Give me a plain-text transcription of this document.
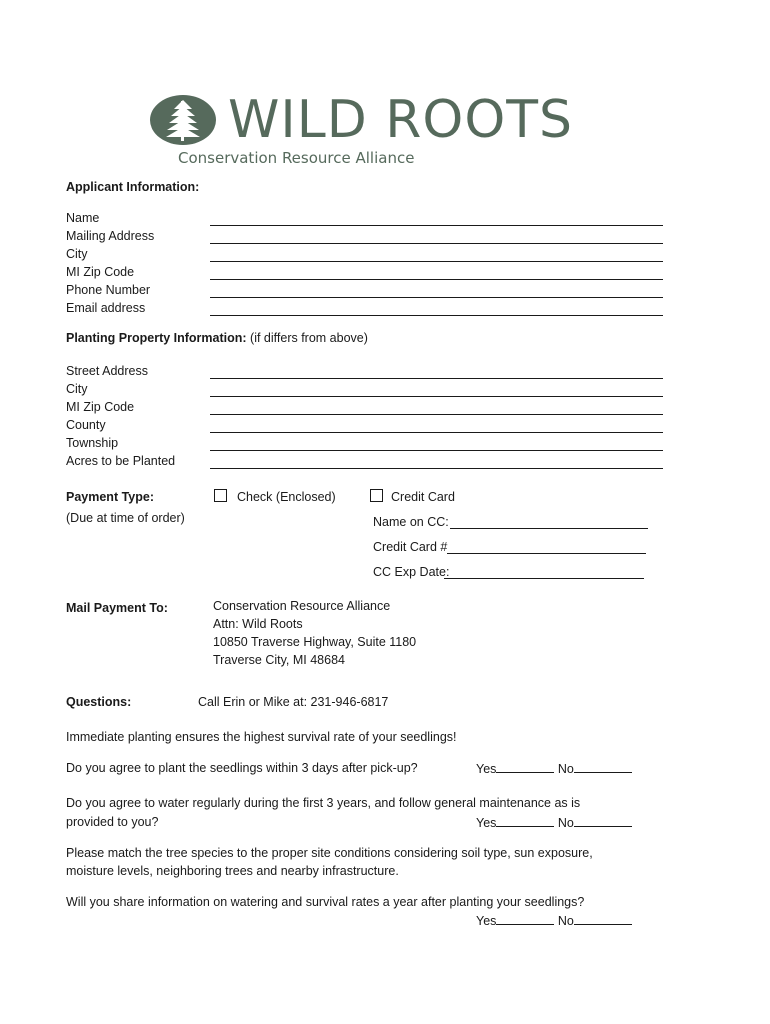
WILD ROOTS
Conservation Resource Alliance
Applicant Information:
Name
Mailing Address
City
MI Zip Code
Phone Number
Email address
Planting Property Information: (if differs from above)
Street Address
City
MI Zip Code
County
Township
Acres to be Planted
Payment Type:
(Due at time of order)
Check (Enclosed)	Credit Card
Name on CC:
Credit Card #
CC Exp Date:
Mail Payment To:	Conservation Resource Alliance
Attn: Wild Roots
10850 Traverse Highway, Suite 1180
Traverse City, MI 48684
Questions:	Call Erin or Mike at: 231-946-6817
Immediate planting ensures the highest survival rate of your seedlings!
Do you agree to plant the seedlings within 3 days after pick-up?	Yes	No
Do you agree to water regularly during the first 3 years, and follow general maintenance as is
provided to you?	Yes	No
Please match the tree species to the proper site conditions considering soil type, sun exposure,
moisture levels, neighboring trees and nearby infrastructure.
Will you share information on watering and survival rates a year after planting your seedlings?
Yes	No
